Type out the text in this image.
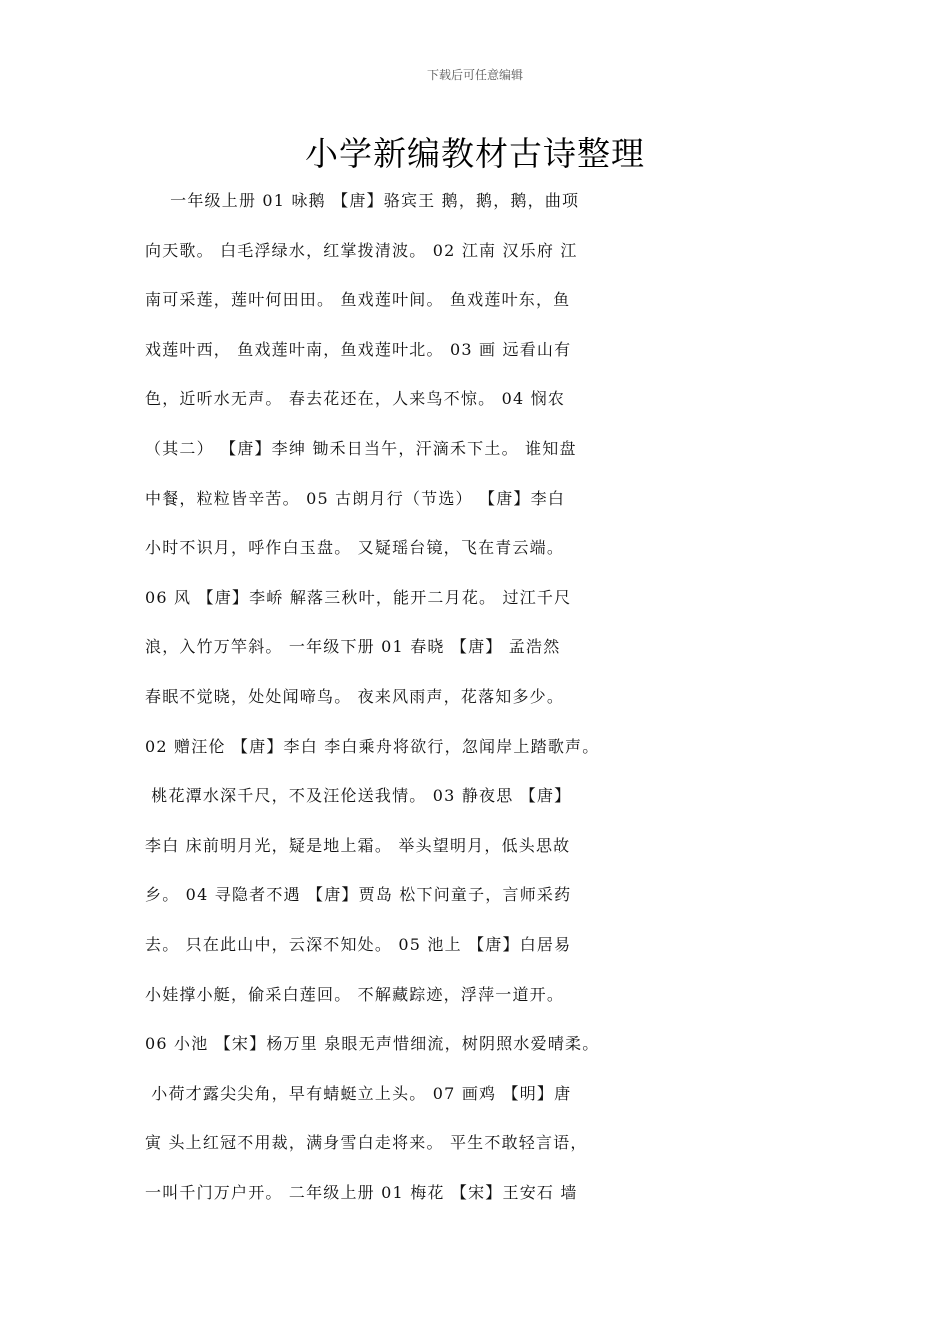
下载后可任意编辑
小学新编教材古诗整理
一年级上册 01 咏鹅 【唐】骆宾王 鹅，鹅，鹅，曲项
向天歌。 白毛浮绿水，红掌拨清波。 02 江南 汉乐府 江
南可采莲，莲叶何田田。 鱼戏莲叶间。 鱼戏莲叶东，鱼
戏莲叶西， 鱼戏莲叶南，鱼戏莲叶北。 03 画 远看山有
色，近听水无声。 春去花还在，人来鸟不惊。 04 悯农
（其二） 【唐】李绅 锄禾日当午，汗滴禾下土。 谁知盘
中餐，粒粒皆辛苦。 05 古朗月行（节选） 【唐】李白
小时不识月，呼作白玉盘。 又疑瑶台镜，飞在青云端。
06 风 【唐】李峤 解落三秋叶，能开二月花。 过江千尺
浪，入竹万竿斜。 一年级下册 01 春晓 【唐】 孟浩然
春眠不觉晓，处处闻啼鸟。 夜来风雨声，花落知多少。
02 赠汪伦 【唐】李白 李白乘舟将欲行，忽闻岸上踏歌声。
桃花潭水深千尺，不及汪伦送我情。 03 静夜思 【唐】
李白 床前明月光，疑是地上霜。 举头望明月，低头思故
乡。 04 寻隐者不遇 【唐】贾岛 松下问童子，言师采药
去。 只在此山中，云深不知处。 05 池上 【唐】白居易
小娃撑小艇，偷采白莲回。 不解藏踪迹，浮萍一道开。
06 小池 【宋】杨万里 泉眼无声惜细流，树阴照水爱晴柔。
小荷才露尖尖角，早有蜻蜓立上头。 07 画鸡 【明】唐
寅 头上红冠不用裁，满身雪白走将来。 平生不敢轻言语，
一叫千门万户开。 二年级上册 01 梅花 【宋】王安石 墙
